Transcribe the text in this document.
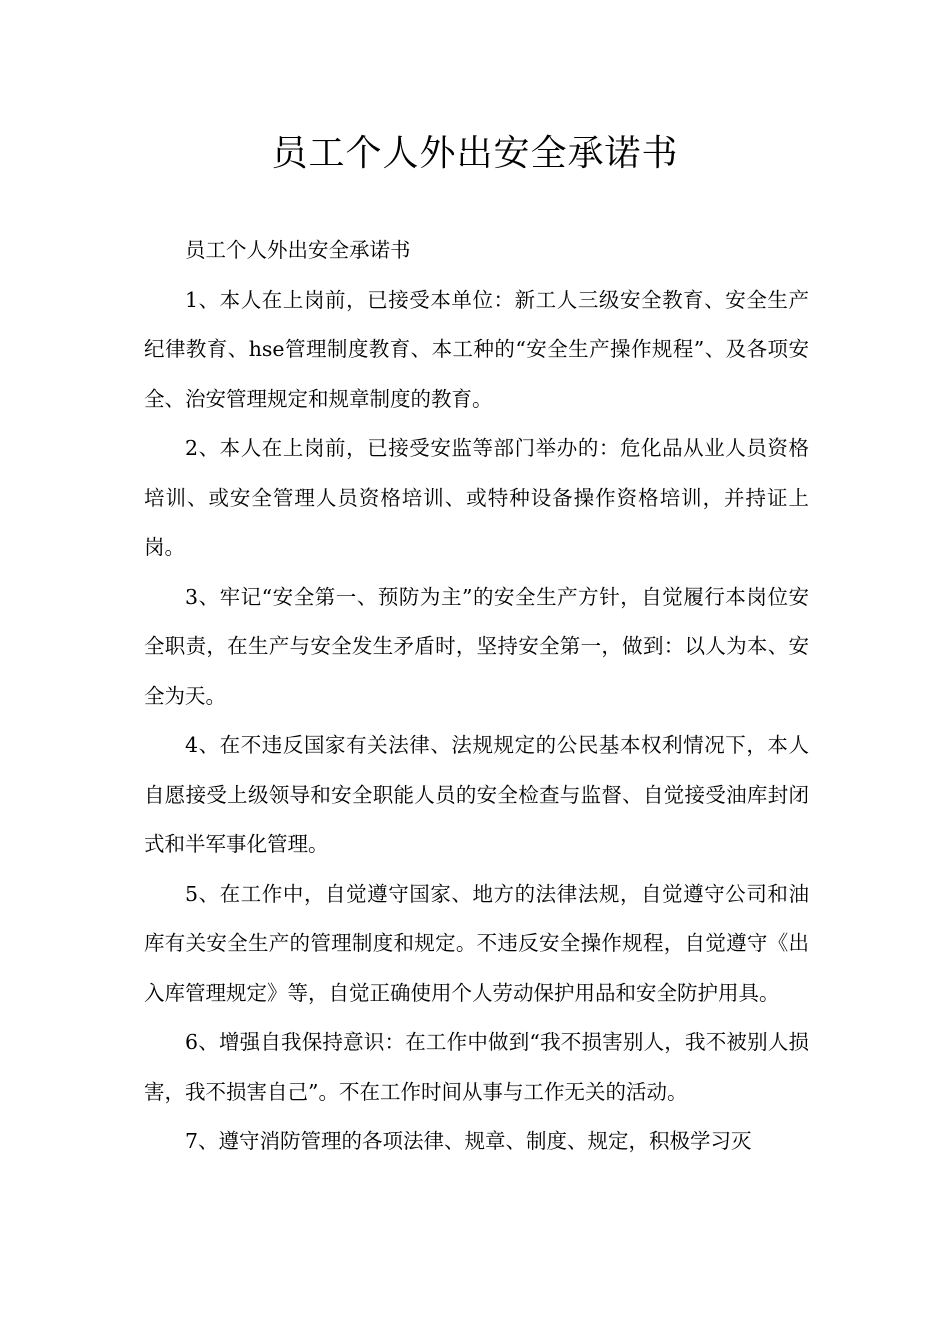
员工个人外出安全承诺书

员工个人外出安全承诺书

1、本人在上岗前，已接受本单位：新工人三级安全教育、安全生产纪律教育、hse管理制度教育、本工种的“安全生产操作规程”、及各项安全、治安管理规定和规章制度的教育。

2、本人在上岗前，已接受安监等部门举办的：危化品从业人员资格培训、或安全管理人员资格培训、或特种设备操作资格培训，并持证上岗。

3、牢记“安全第一、预防为主”的安全生产方针，自觉履行本岗位安全职责，在生产与安全发生矛盾时，坚持安全第一，做到：以人为本、安全为天。

4、在不违反国家有关法律、法规规定的公民基本权利情况下，本人自愿接受上级领导和安全职能人员的安全检查与监督、自觉接受油库封闭式和半军事化管理。

5、在工作中，自觉遵守国家、地方的法律法规，自觉遵守公司和油库有关安全生产的管理制度和规定。不违反安全操作规程，自觉遵守《出入库管理规定》等，自觉正确使用个人劳动保护用品和安全防护用具。

6、增强自我保持意识：在工作中做到“我不损害别人，我不被别人损害，我不损害自己”。不在工作时间从事与工作无关的活动。

7、遵守消防管理的各项法律、规章、制度、规定，积极学习灭
